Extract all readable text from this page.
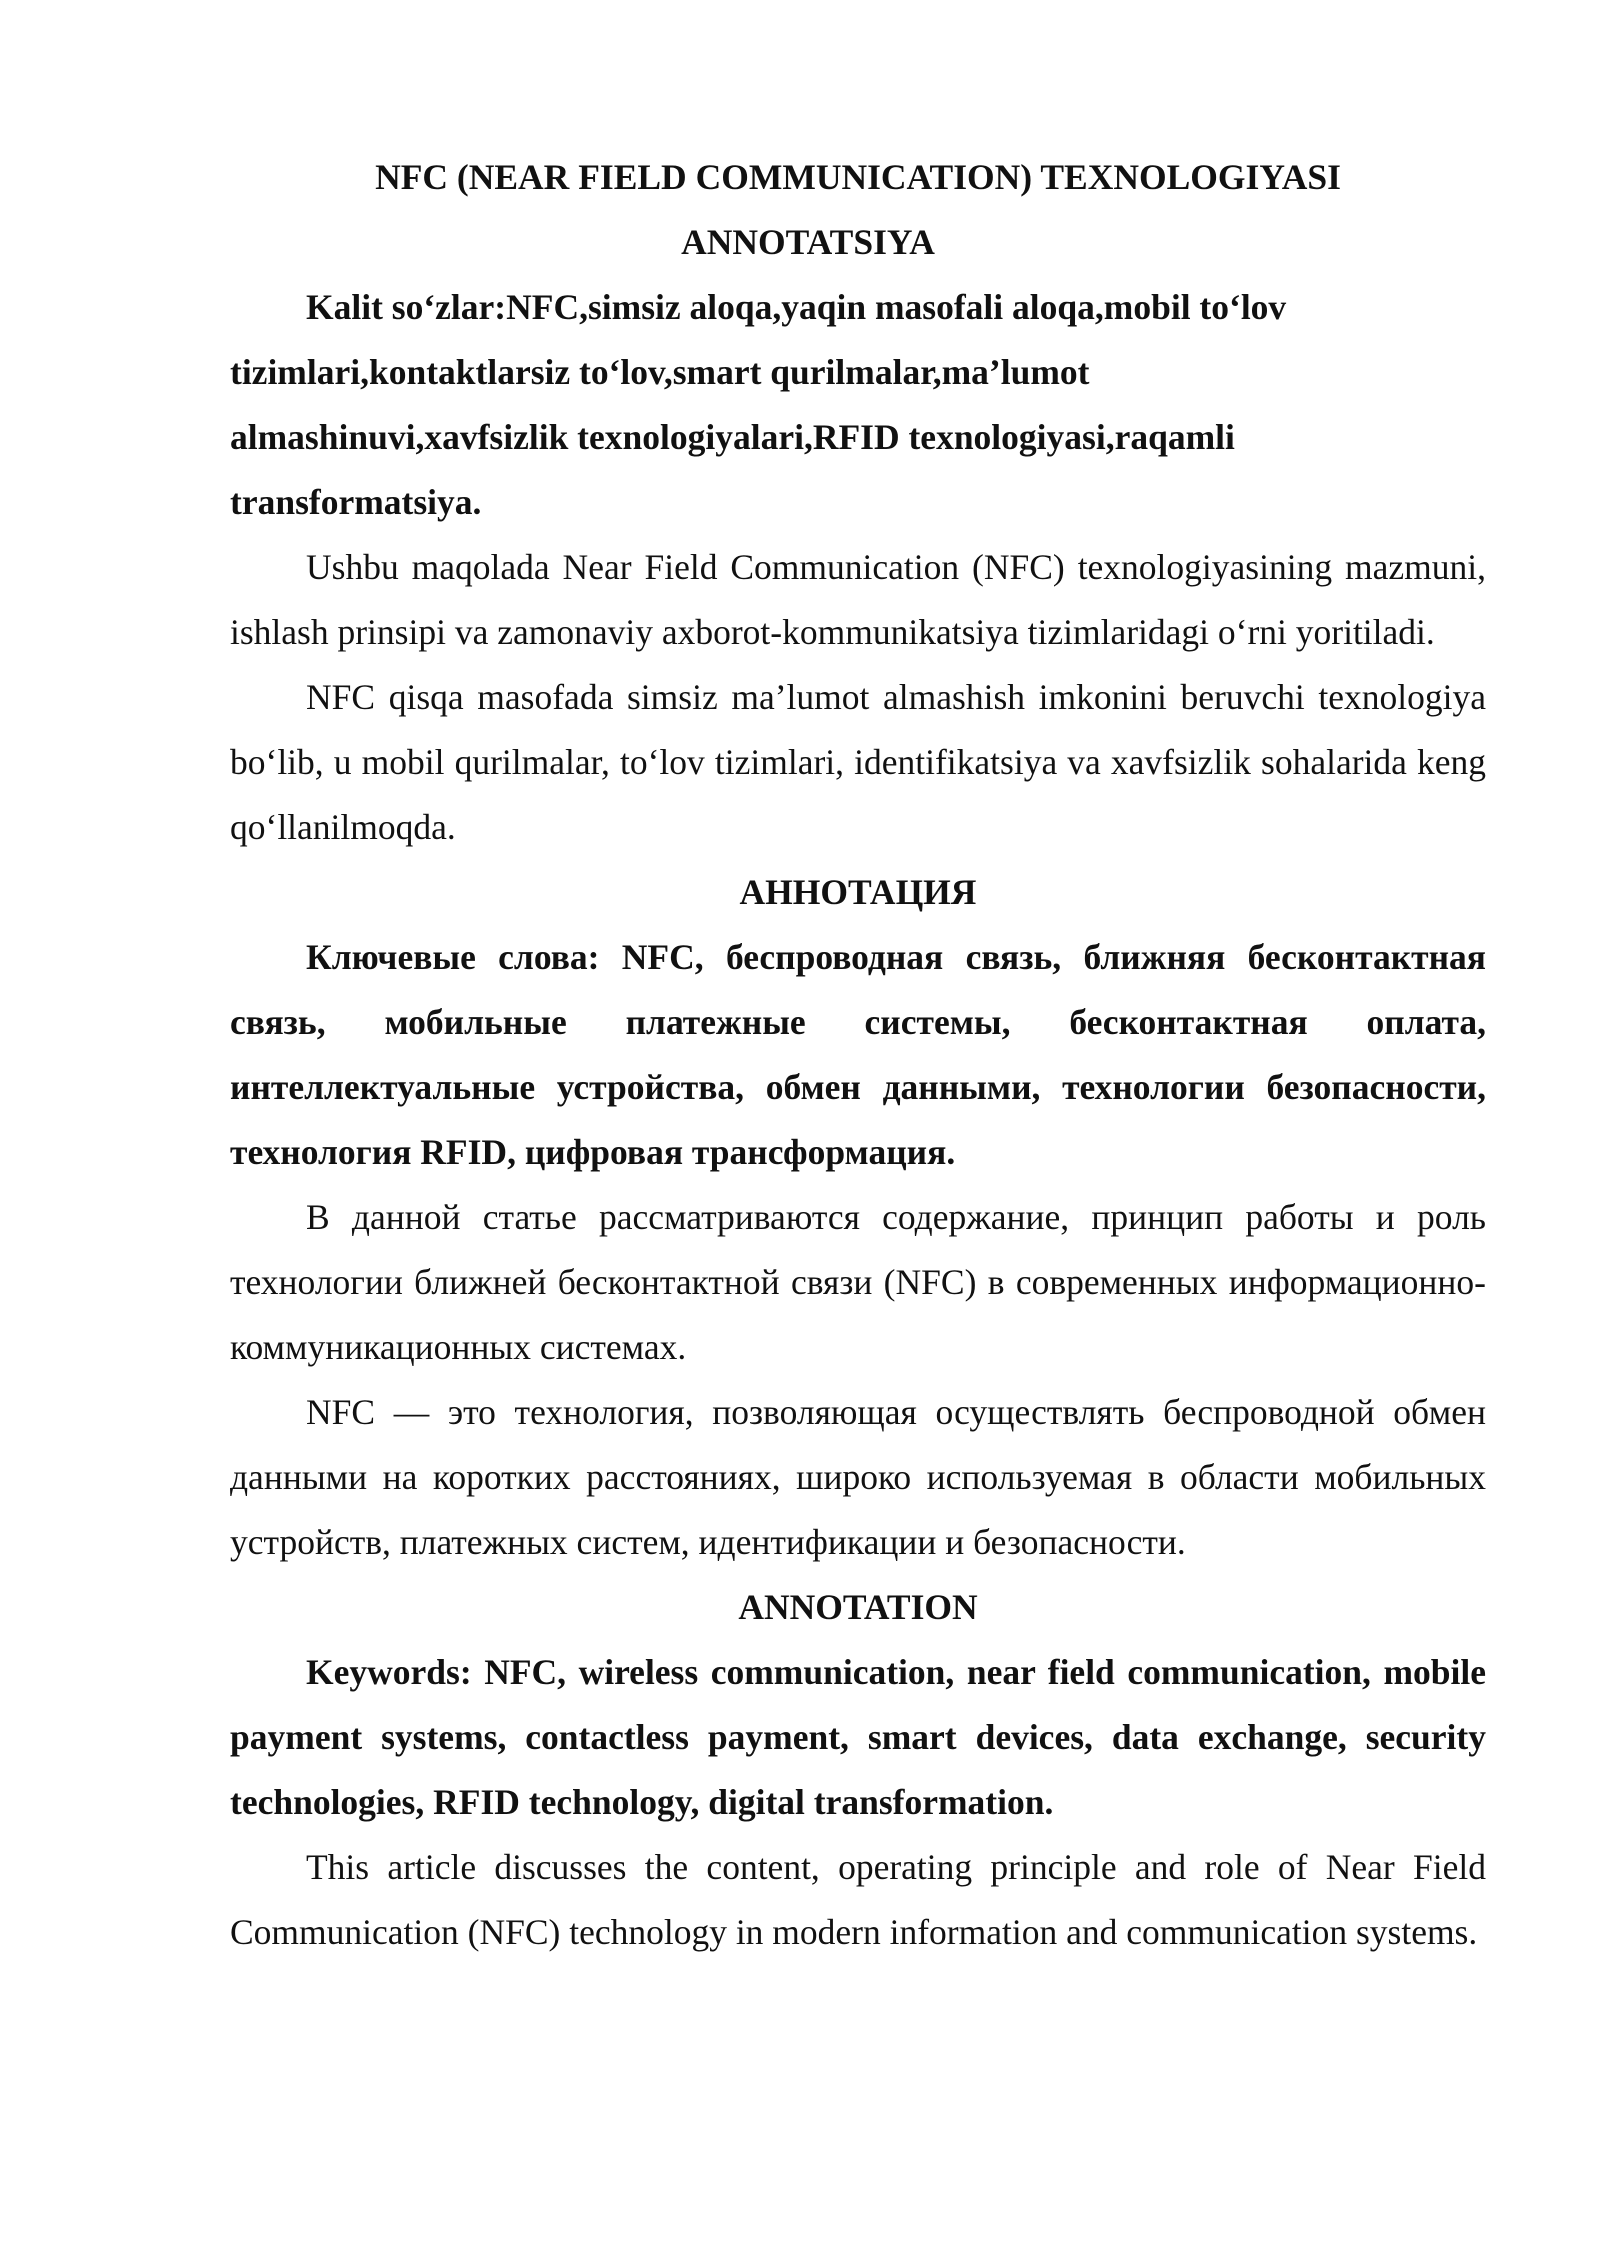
NFC (NEAR FIELD COMMUNICATION) TEXNOLOGIYASI

ANNOTATSIYA

Kalit so‘zlar:NFC,simsiz aloqa,yaqin masofali aloqa,mobil to‘lov tizimlari,kontaktlarsiz to‘lov,smart qurilmalar,ma’lumot almashinuvi,xavfsizlik texnologiyalari,RFID texnologiyasi,raqamli transformatsiya.

Ushbu maqolada Near Field Communication (NFC) texnologiyasining mazmuni, ishlash prinsipi va zamonaviy axborot-kommunikatsiya tizimlaridagi o‘rni yoritiladi.

NFC qisqa masofada simsiz ma’lumot almashish imkonini beruvchi texnologiya bo‘lib, u mobil qurilmalar, to‘lov tizimlari, identifikatsiya va xavfsizlik sohalarida keng qo‘llanilmoqda.

АННОТАЦИЯ

Ключевые слова: NFC, беспроводная связь, ближняя бесконтактная связь, мобильные платежные системы, бесконтактная оплата, интеллектуальные устройства, обмен данными, технологии безопасности, технология RFID, цифровая трансформация.

В данной статье рассматриваются содержание, принцип работы и роль технологии ближней бесконтактной связи (NFC) в современных информационно-коммуникационных системах.

NFC — это технология, позволяющая осуществлять беспроводной обмен данными на коротких расстояниях, широко используемая в области мобильных устройств, платежных систем, идентификации и безопасности.

ANNOTATION

Keywords: NFC, wireless communication, near field communication, mobile payment systems, contactless payment, smart devices, data exchange, security technologies, RFID technology, digital transformation.

This article discusses the content, operating principle and role of Near Field Communication (NFC) technology in modern information and communication systems.
